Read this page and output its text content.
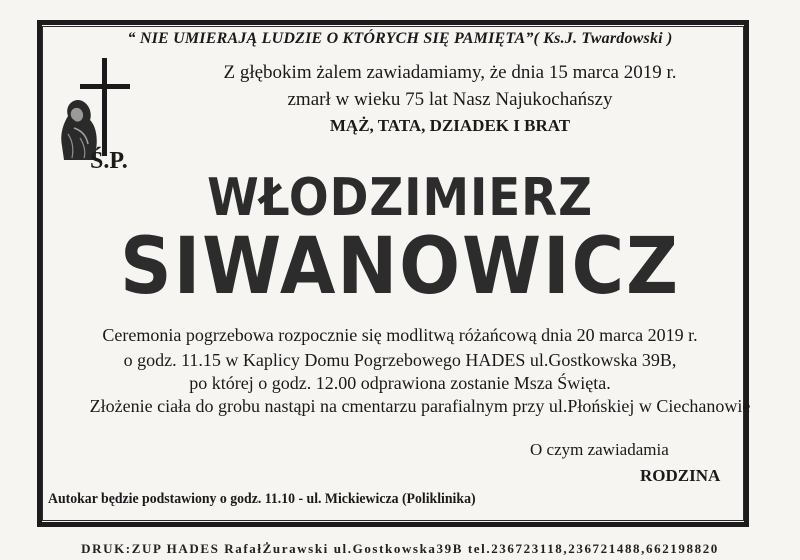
“ NIE UMIERAJĄ LUDZIE O KTÓRYCH SIĘ PAMIĘTA”( Ks.J. Twardowski )
Ś.P.
Z głębokim żalem zawiadamiamy, że dnia 15 marca 2019 r.
zmarł w wieku 75 lat Nasz Najukochańszy
MĄŻ, TATA, DZIADEK I BRAT
WŁODZIMIERZ
SIWANOWICZ
Ceremonia pogrzebowa rozpocznie się modlitwą różańcową dnia 20 marca 2019 r.
o godz. 11.15 w Kaplicy Domu Pogrzebowego HADES ul.Gostkowska 39B,
po której o godz. 12.00 odprawiona zostanie Msza Święta.
Złożenie ciała do grobu nastąpi na cmentarzu parafialnym przy ul.Płońskiej w Ciechanowie
O czym zawiadamia
RODZINA
Autokar będzie podstawiony o godz. 11.10 - ul. Mickiewicza (Poliklinika)
DRUK:ZUP HADES RafałŻurawski ul.Gostkowska39B tel.236723118,236721488,662198820
